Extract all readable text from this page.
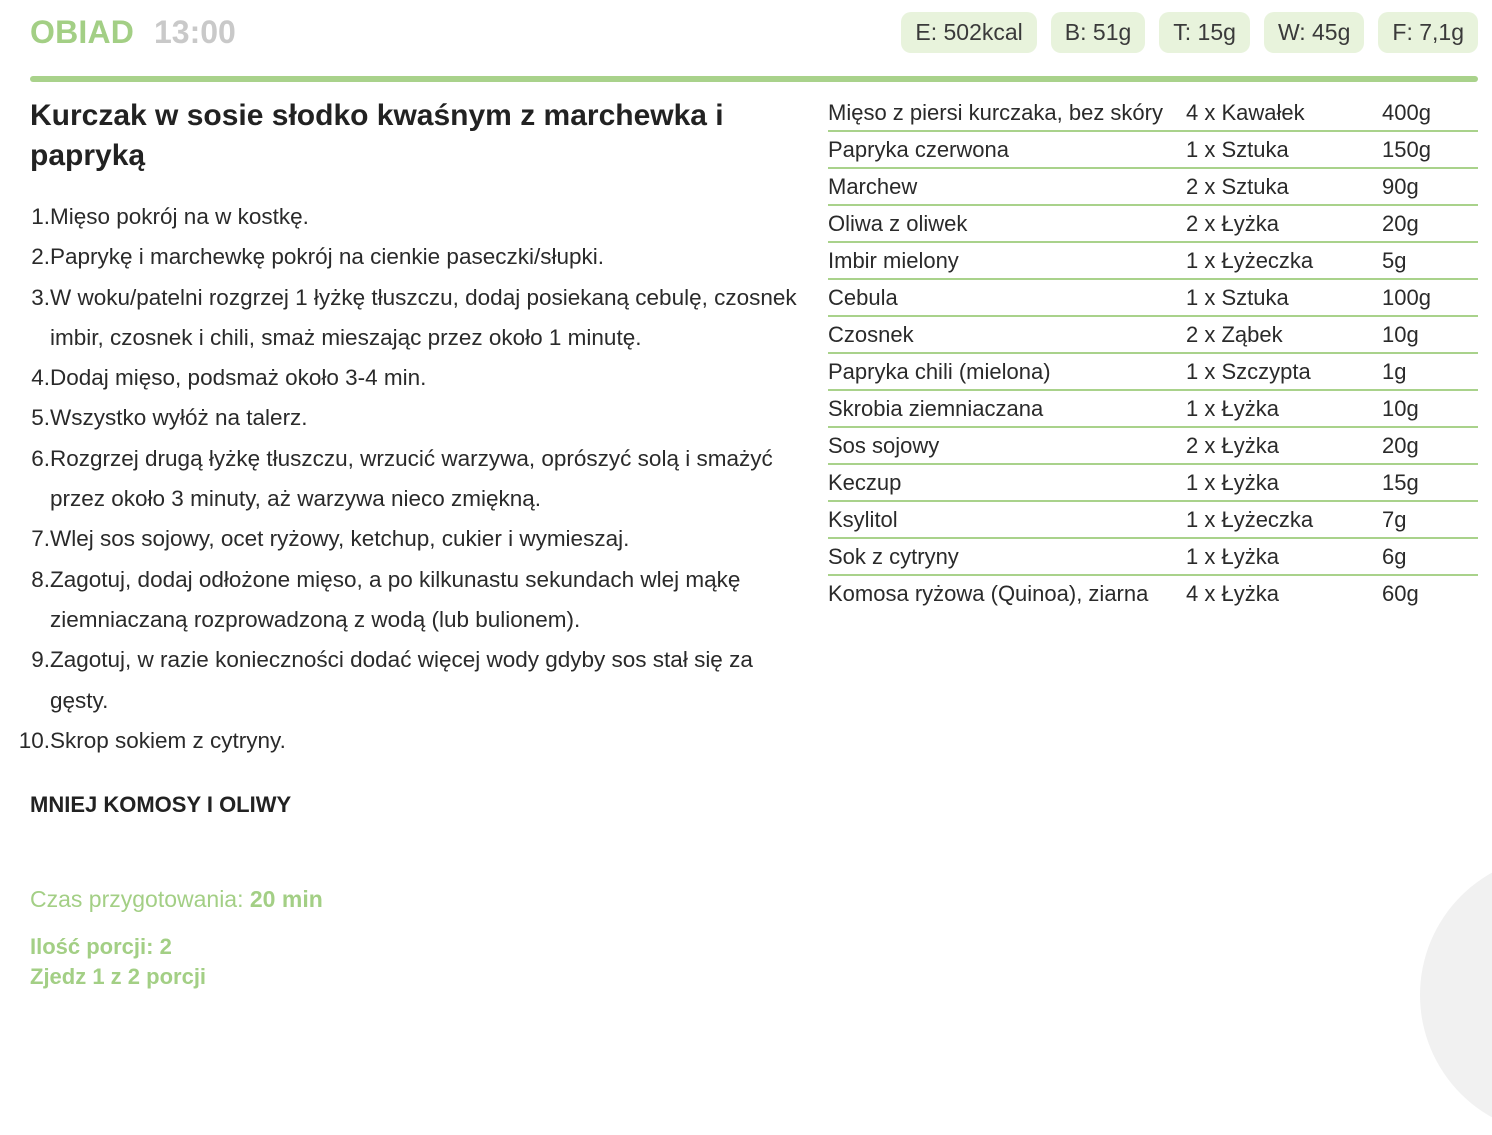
OBIAD 13:00	E: 502kcal	B: 51g	T: 15g	W: 45g	F: 7,1g
Kurczak w sosie słodko kwaśnym z marchewka i papryką
1. Mięso pokrój na w kostkę.
2. Paprykę i marchewkę pokrój na cienkie paseczki/słupki.
3. W woku/patelni rozgrzej 1 łyżkę tłuszczu, dodaj posiekaną cebulę, czosnek imbir, czosnek i chili, smaż mieszając przez około 1 minutę.
4. Dodaj mięso, podsmaż około 3-4 min.
5. Wszystko wyłóż na talerz.
6. Rozgrzej drugą łyżkę tłuszczu, wrzucić warzywa, oprószyć solą i smażyć przez około 3 minuty, aż warzywa nieco zmiękną.
7. Wlej sos sojowy, ocet ryżowy, ketchup, cukier i wymieszaj.
8. Zagotuj, dodaj odłożone mięso, a po kilkunastu sekundach wlej mąkę ziemniaczaną rozprowadzoną z wodą (lub bulionem).
9. Zagotuj, w razie konieczności dodać więcej wody gdyby sos stał się za gęsty.
10. Skrop sokiem z cytryny.
MNIEJ KOMOSY I OLIWY
Czas przygotowania: 20 min
Ilość porcji: 2
Zjedz 1 z 2 porcji
Mięso z piersi kurczaka, bez skóry	4 x Kawałek	400g
Papryka czerwona	1 x Sztuka	150g
Marchew	2 x Sztuka	90g
Oliwa z oliwek	2 x Łyżka	20g
Imbir mielony	1 x Łyżeczka	5g
Cebula	1 x Sztuka	100g
Czosnek	2 x Ząbek	10g
Papryka chili (mielona)	1 x Szczypta	1g
Skrobia ziemniaczana	1 x Łyżka	10g
Sos sojowy	2 x Łyżka	20g
Keczup	1 x Łyżka	15g
Ksylitol	1 x Łyżeczka	7g
Sok z cytryny	1 x Łyżka	6g
Komosa ryżowa (Quinoa), ziarna	4 x Łyżka	60g
